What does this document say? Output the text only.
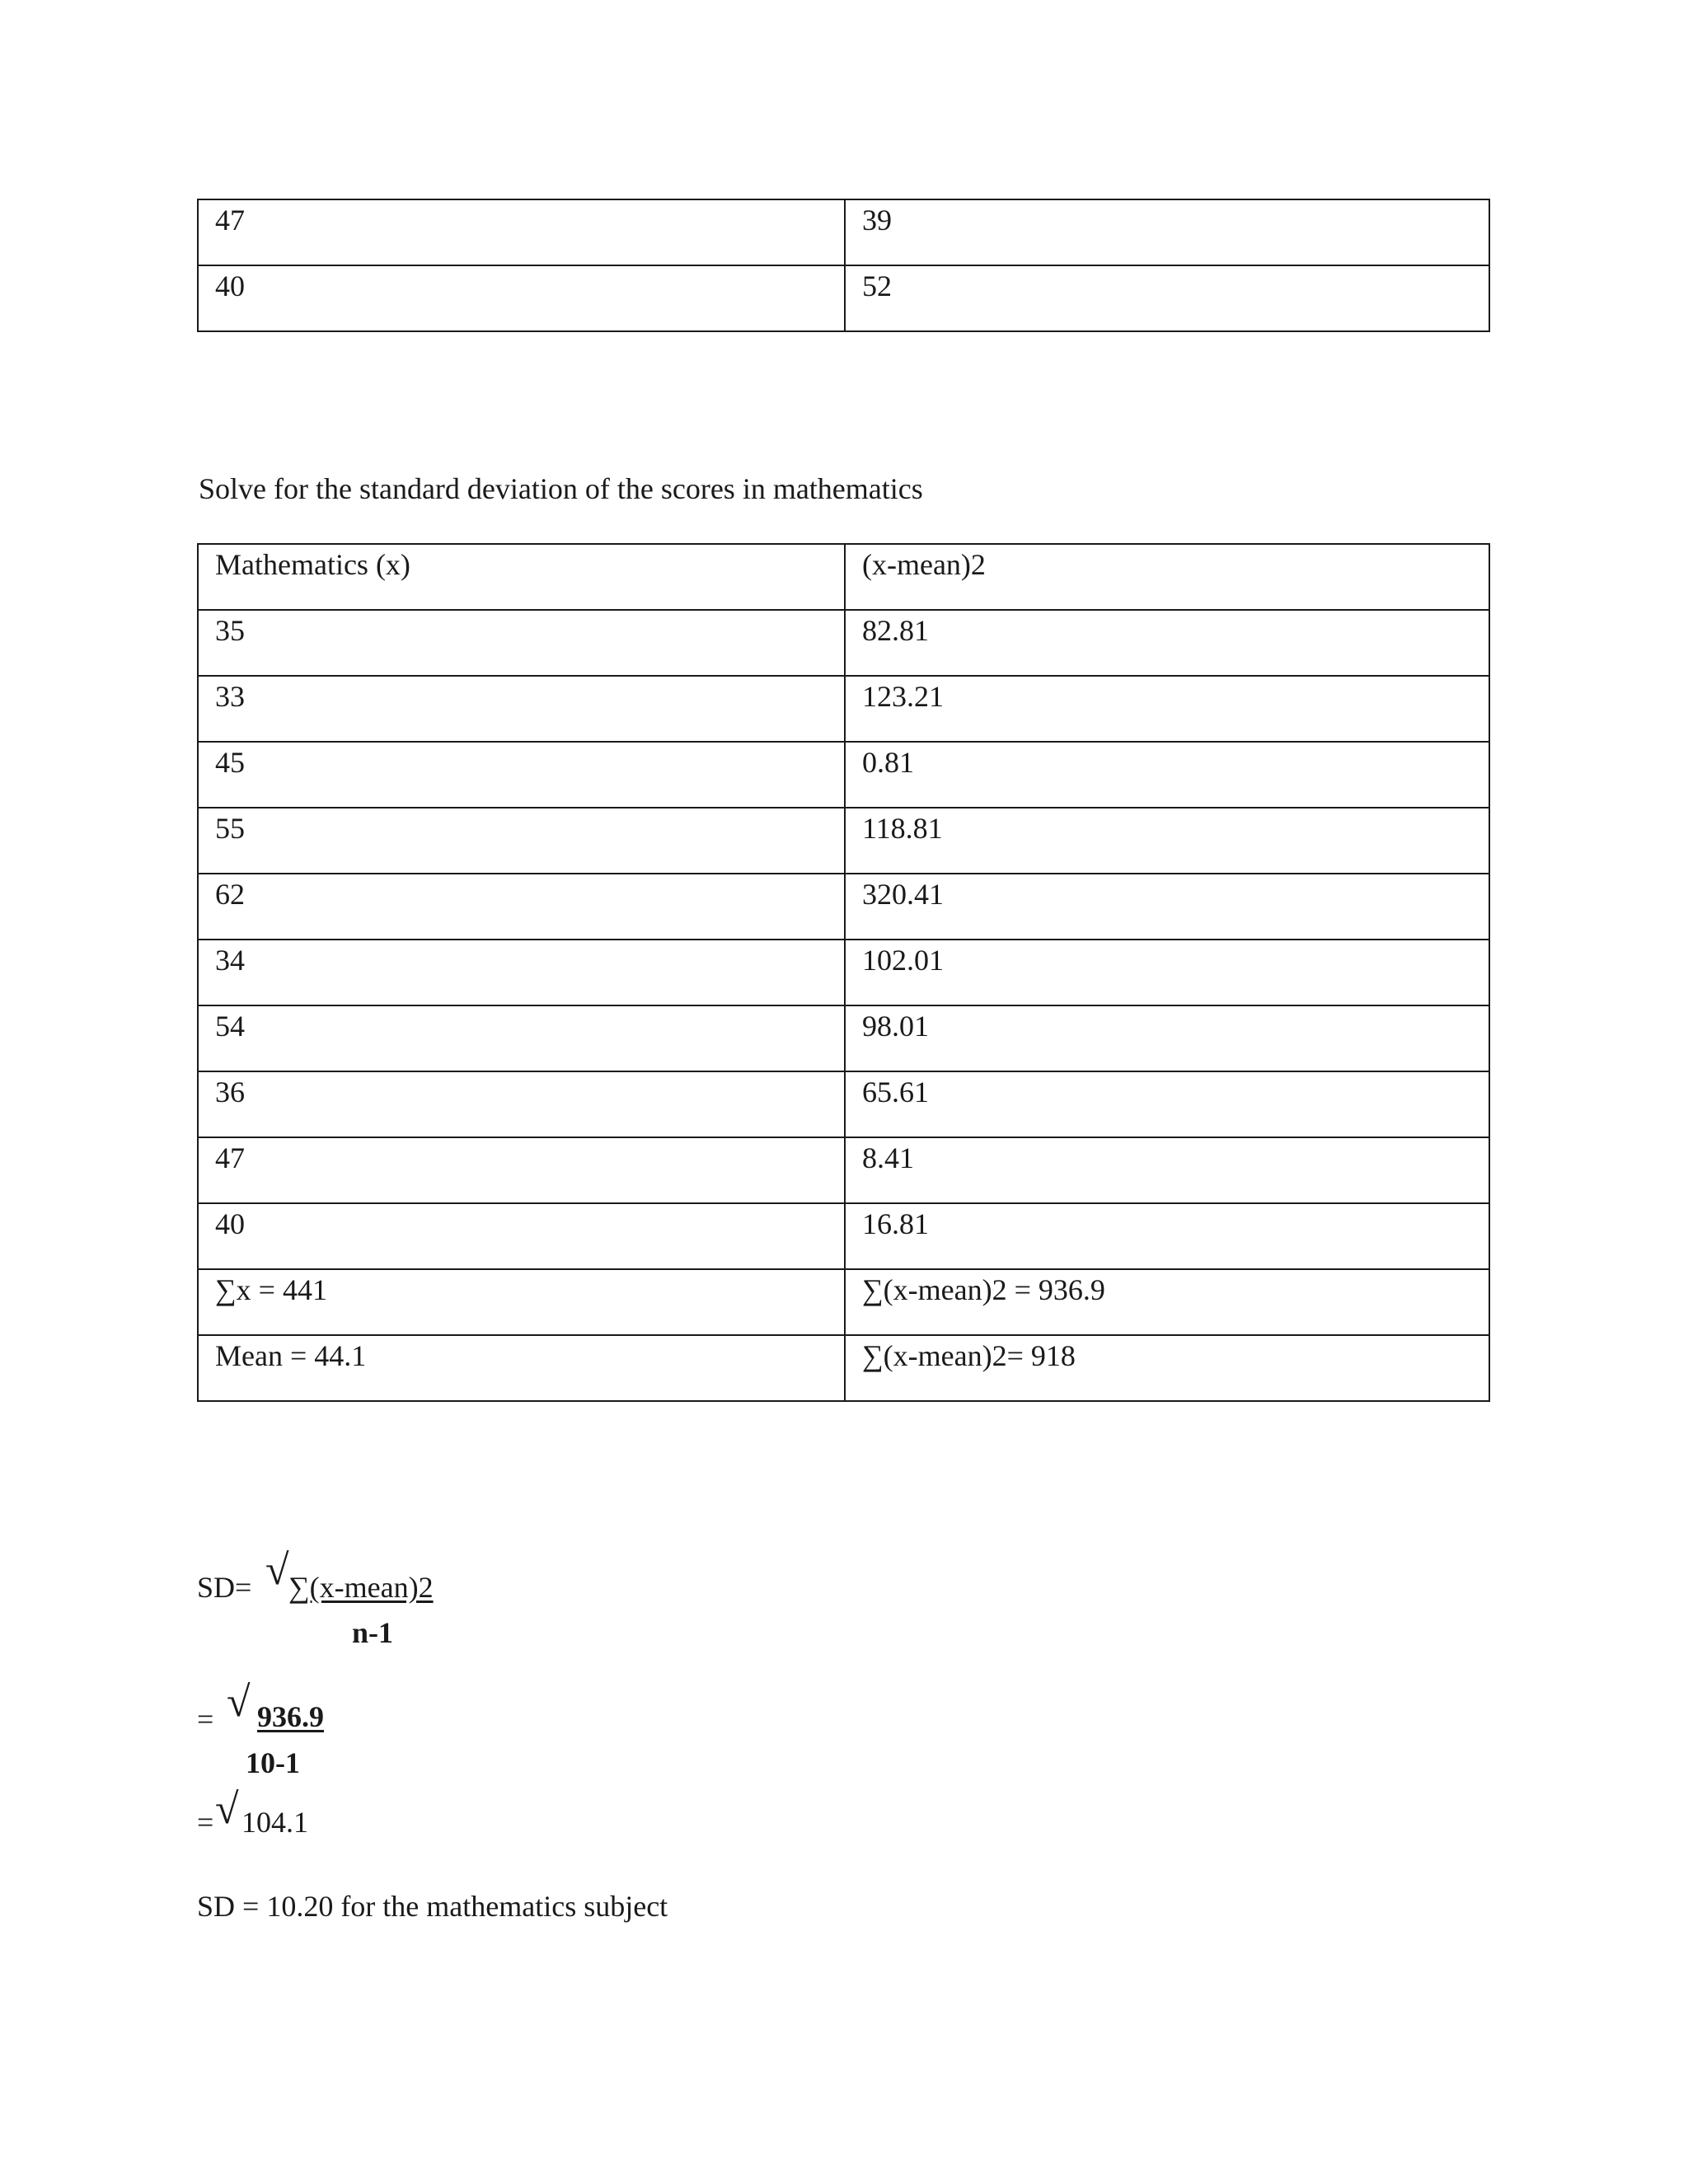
47	39
40	52
Solve for the standard deviation of the scores in mathematics
Mathematics (x)	(x-mean)2
35	82.81
33	123.21
45	0.81
55	118.81
62	320.41
34	102.01
54	98.01
36	65.61
47	8.41
40	16.81
∑x = 441	∑(x-mean)2 = 936.9
Mean = 44.1	∑(x-mean)2= 918
SD= √ ∑(x-mean)2
n-1
= √ 936.9
10-1
= √ 104.1
SD = 10.20 for the mathematics subject
